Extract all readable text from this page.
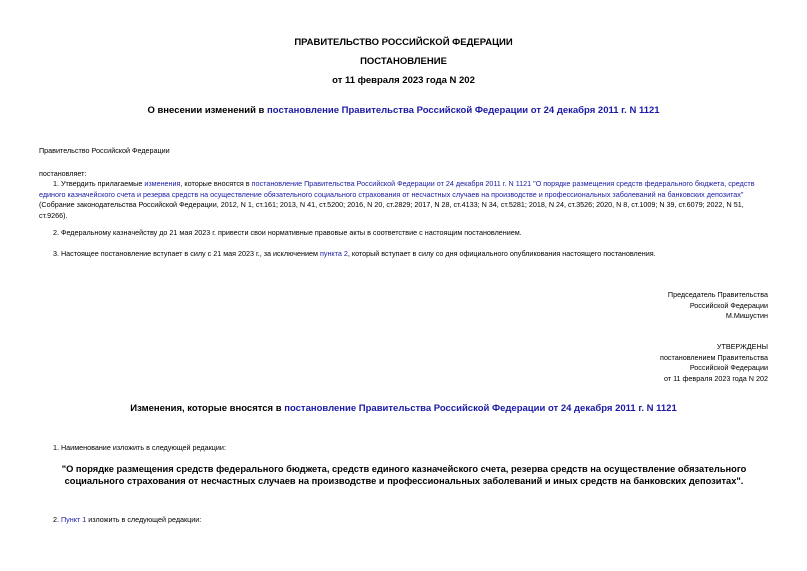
ПРАВИТЕЛЬСТВО РОССИЙСКОЙ ФЕДЕРАЦИИ
ПОСТАНОВЛЕНИЕ
от 11 февраля 2023 года N 202
О внесении изменений в постановление Правительства Российской Федерации от 24 декабря 2011 г. N 1121
Правительство Российской Федерации
постановляет:
1. Утвердить прилагаемые изменения, которые вносятся в постановление Правительства Российской Федерации от 24 декабря 2011 г. N 1121 "О порядке размещения средств федерального бюджета, средств единого казначейского счета и резерва средств на осуществление обязательного социального страхования от несчастных случаев на производстве и профессиональных заболеваний на банковских депозитах" (Собрание законодательства Российской Федерации, 2012, N 1, ст.161; 2013, N 41, ст.5200; 2016, N 20, ст.2829; 2017, N 28, ст.4133; N 34, ст.5281; 2018, N 24, ст.3526; 2020, N 8, ст.1009; N 39, ст.6079; 2022, N 51, ст.9266).
2. Федеральному казначейству до 21 мая 2023 г. привести свои нормативные правовые акты в соответствие с настоящим постановлением.
3. Настоящее постановление вступает в силу с 21 мая 2023 г., за исключением пункта 2, который вступает в силу со дня официального опубликования настоящего постановления.
Председатель Правительства
Российской Федерации
М.Мишустин
УТВЕРЖДЕНЫ
постановлением Правительства
Российской Федерации
от 11 февраля 2023 года N 202
Изменения, которые вносятся в постановление Правительства Российской Федерации от 24 декабря 2011 г. N 1121
1. Наименование изложить в следующей редакции:
"О порядке размещения средств федерального бюджета, средств единого казначейского счета, резерва средств на осуществление обязательного социального страхования от несчастных случаев на производстве и профессиональных заболеваний и иных средств на банковских депозитах".
2. Пункт 1 изложить в следующей редакции:
